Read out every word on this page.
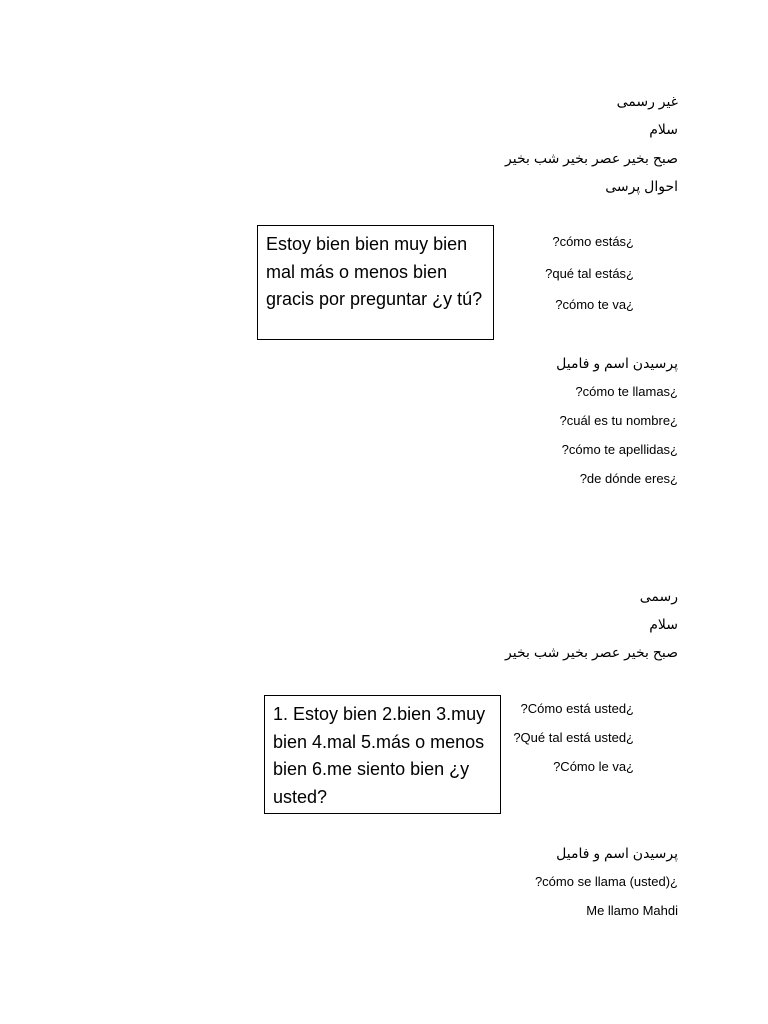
غیر رسمی
سلام
صبح بخیر عصر بخیر شب بخیر
احوال پرسی
?cómo estás¿
?qué tal estás¿
?cómo te va¿
Estoy bien bien muy bien mal más o menos bien gracis por preguntar ¿y tú?
پرسیدن اسم و فامیل
?cómo te llamas¿
?cuál es tu nombre¿
?cómo te apellidas¿
?de dónde eres¿
رسمی
سلام
صبح بخیر عصر بخیر شب بخیر
?Cómo está usted¿
?Qué tal está usted¿
?Cómo le va¿
1. Estoy bien 2.bien 3.muy bien 4.mal 5.más o menos bien 6.me siento bien ¿y usted?
پرسیدن اسم و فامیل
?cómo se llama (usted)¿
Me llamo Mahdi
